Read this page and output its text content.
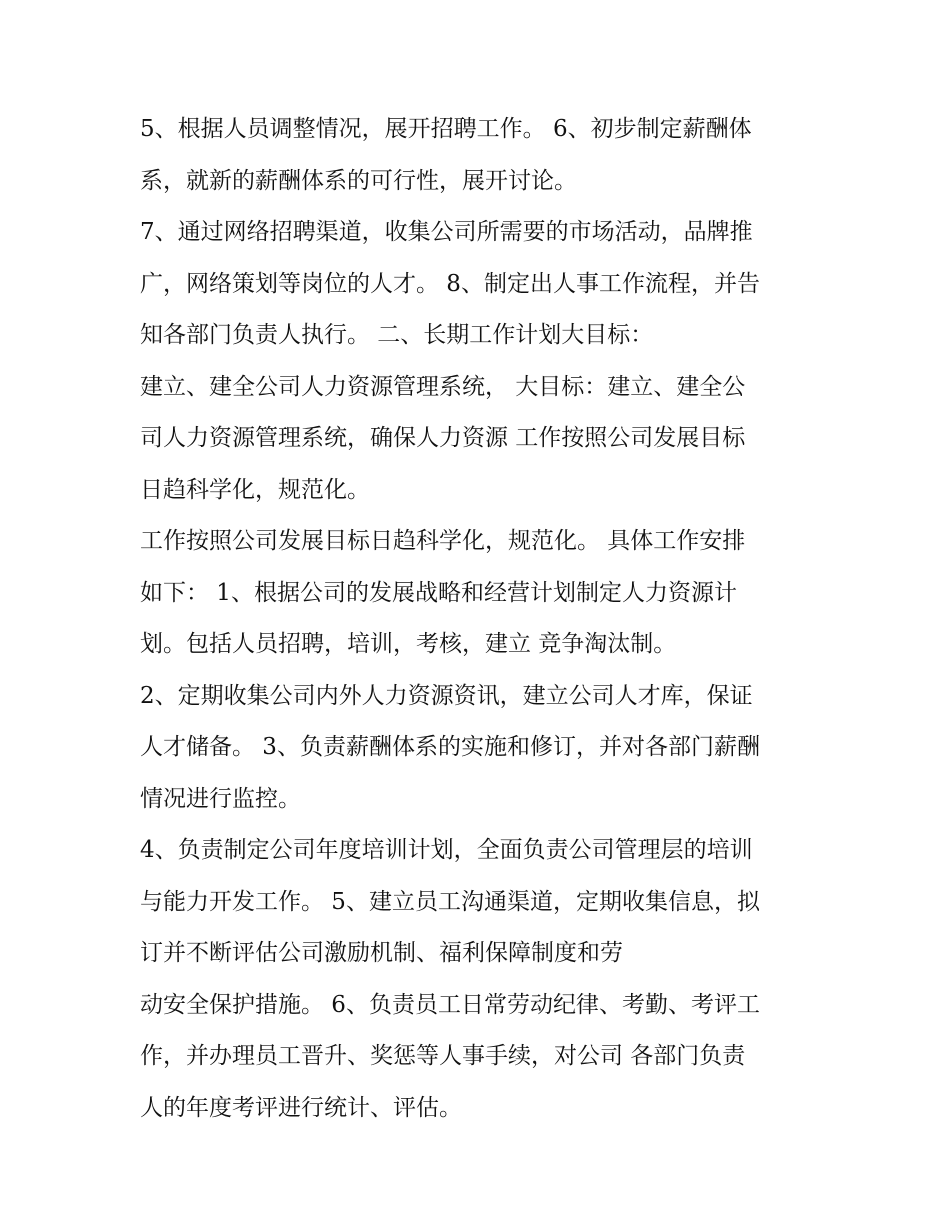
5、根据人员调整情况，展开招聘工作。 6、初步制定薪酬体
系，就新的薪酬体系的可行性，展开讨论。
7、通过网络招聘渠道，收集公司所需要的市场活动，品牌推
广，网络策划等岗位的人才。 8、制定出人事工作流程，并告
知各部门负责人执行。 二、长期工作计划大目标：
建立、建全公司人力资源管理系统， 大目标：建立、建全公
司人力资源管理系统，确保人力资源 工作按照公司发展目标
日趋科学化，规范化。
工作按照公司发展目标日趋科学化，规范化。 具体工作安排
如下： 1、根据公司的发展战略和经营计划制定人力资源计
划。包括人员招聘，培训，考核，建立 竞争淘汰制。
2、定期收集公司内外人力资源资讯，建立公司人才库，保证
人才储备。 3、负责薪酬体系的实施和修订，并对各部门薪酬
情况进行监控。
4、负责制定公司年度培训计划，全面负责公司管理层的培训
与能力开发工作。 5、建立员工沟通渠道，定期收集信息，拟
订并不断评估公司激励机制、福利保障制度和劳
动安全保护措施。 6、负责员工日常劳动纪律、考勤、考评工
作，并办理员工晋升、奖惩等人事手续，对公司 各部门负责
人的年度考评进行统计、评估。
